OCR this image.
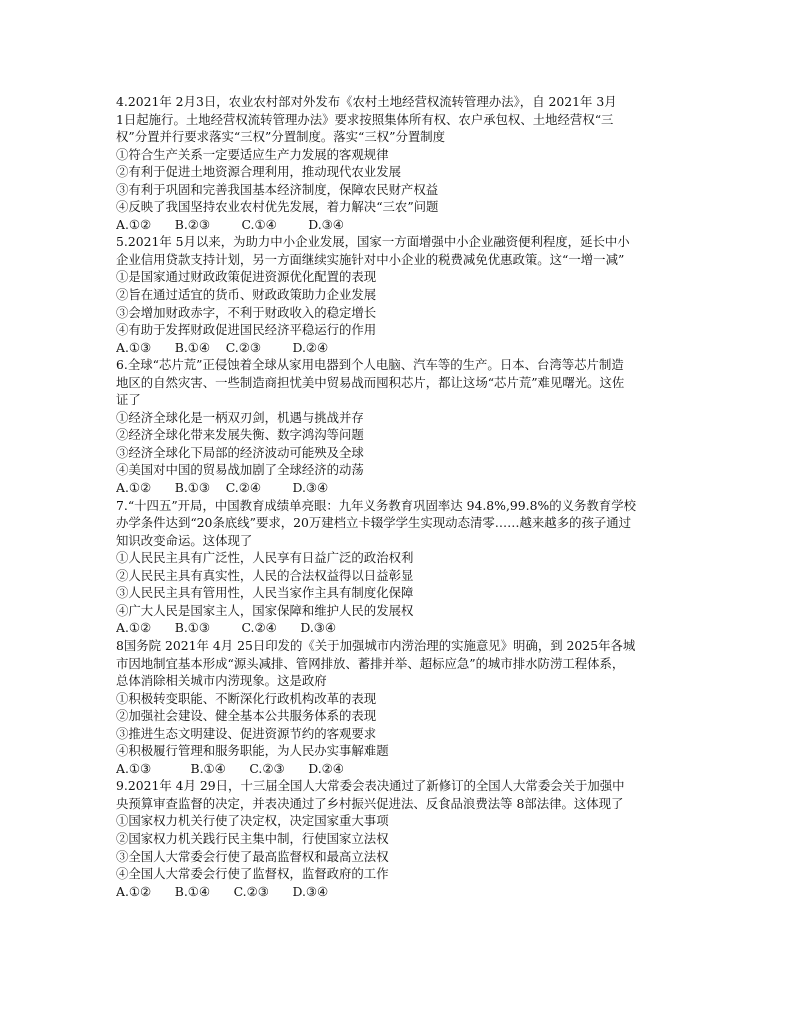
4.2021年 2月3日，农业农村部对外发布《农村土地经营权流转管理办法》，自 2021年 3月
1日起施行。土地经营权流转管理办法》要求按照集体所有权、农户承包权、土地经营权“三
权”分置并行要求落实“三权”分置制度。落实“三权”分置制度
①符合生产关系一定要适应生产力发展的客观规律
②有利于促进土地资源合理利用，推动现代农业发展
③有利于巩固和完善我国基本经济制度，保障农民财产权益
④反映了我国坚持农业农村优先发展，着力解决“三农”问题
A.①②      B.②③        C.①④        D.③④
5.2021年 5月以来，为助力中小企业发展，国家一方面增强中小企业融资便利程度，延长中小
企业信用贷款支持计划，另一方面继续实施针对中小企业的税费减免优惠政策。这“一增一减”
①是国家通过财政政策促进资源优化配置的表现
②旨在通过适宜的货币、财政政策助力企业发展
③会增加财政赤字，不利于财政收入的稳定增长
④有助于发挥财政促进国民经济平稳运行的作用
A.①③      B.①④    C.②③        D.②④
6.全球“芯片荒”正侵蚀着全球从家用电器到个人电脑、汽车等的生产。日本、台湾等芯片制造
地区的自然灾害、一些制造商担忧美中贸易战而囤积芯片，都让这场“芯片荒”难见曙光。这佐
证了
①经济全球化是一柄双刃剑，机遇与挑战并存
②经济全球化带来发展失衡、数字鸿沟等问题
③经济全球化下局部的经济波动可能殃及全球
④美国对中国的贸易战加剧了全球经济的动荡
A.①②      B.①③    C.②④        D.③④
7.“十四五”开局，中国教育成绩单亮眼：九年义务教育巩固率达 94.8%,99.8%的义务教育学校
办学条件达到“20条底线”要求，20万建档立卡辍学学生实现动态清零……越来越多的孩子通过
知识改变命运。这体现了
①人民民主具有广泛性，人民享有日益广泛的政治权利
②人民民主具有真实性，人民的合法权益得以日益彰显
③人民民主具有管用性，人民当家作主具有制度化保障
④广大人民是国家主人，国家保障和维护人民的发展权
A.①②      B.①③        C.②④      D.③④
8国务院 2021年 4月 25日印发的《关于加强城市内涝治理的实施意见》明确，到 2025年各城
市因地制宜基本形成“源头减排、管网排放、蓄排并举、超标应急”的城市排水防涝工程体系，
总体消除相关城市内涝现象。这是政府
①积极转变职能、不断深化行政机构改革的表现
②加强社会建设、健全基本公共服务体系的表现
③推进生态文明建设、促进资源节约的客观要求
④积极履行管理和服务职能，为人民办实事解难题
A.①③          B.①④      C.②③      D.②④
9.2021年 4月 29日，十三届全国人大常委会表决通过了新修订的全国人大常委会关于加强中
央预算审查监督的决定，并表决通过了乡村振兴促进法、反食品浪费法等 8部法律。这体现了
①国家权力机关行使了决定权，决定国家重大事项
②国家权力机关践行民主集中制，行使国家立法权
③全国人大常委会行使了最高监督权和最高立法权
④全国人大常委会行使了监督权，监督政府的工作
A.①②      B.①④      C.②③      D.③④
